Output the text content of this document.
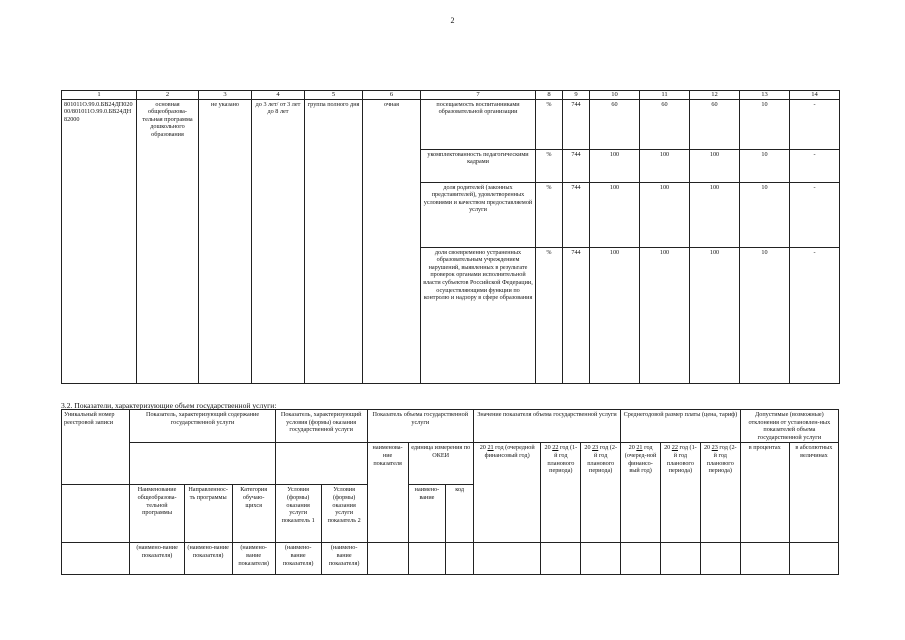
2
1	2	3	4	5	6	7	8	9	10	11	12	13	14
801011О.99.0.БВ24ДП02000/801011О.99.0.БВ24ДН82000	основная общеобразова-тельная программа дошкольного образования	не указано	до 3 лет/ от 3 лет до 8 лет	группа полного дня	очная	посещаемость воспитанниками образовательной организации	%	744	60	60	60	10	-
						укомплектованность педагогическими кадрами	%	744	100	100	100	10	-
						доля родителей (законных представителей), удовлетворенных условиями и качеством предоставляемой услуги	%	744	100	100	100	10	-
						доля своевременно устраненных образовательным учреждением нарушений, выявленных в результате проверок органами исполнительной власти субъектов Российской Федерации, осуществляющими функции по контролю и надзору в сфере образования	%	744	100	100	100	10	-
3.2. Показатели, характеризующие объем государственной услуги:
Уникальный номер реестровой записи	Показатель, характеризующий содержание государственной услуги			Показатель, характеризующий условия (формы) оказания государственной услуги		Показатель объема государственной услуги			Значение показателя объема государственной услуги			Среднегодовой размер платы (цена, тариф)			Допустимые (возможные) отклонения от установлен-ных показателей объема государственной услуги	
						наименова-ние показателя	единица измерения по ОКЕИ		20 21 год (очередной финансовый год)	20 22 год (1-й год планового периода)	20 23 год (2-й год планового периода)	20 21 год (очеред-ной финансо-вый год)	20 22 год (1-й год планового периода)	20 23 год (2-й год планового периода)	в процентах	в абсолютных величинах
	Наименование общеобразова-тельной программы	Направленнос-ть программы	Категория обучаю-щихся	Условия (формы) оказания услуги показатель 1	Условия (формы) оказания услуги показатель 2		наимено-вание	код								
	(наимено-вание показателя)	(наимено-вание показателя)	(наимено-вание показателя)	(наимено-вание показателя)	(наимено-вание показателя)											
